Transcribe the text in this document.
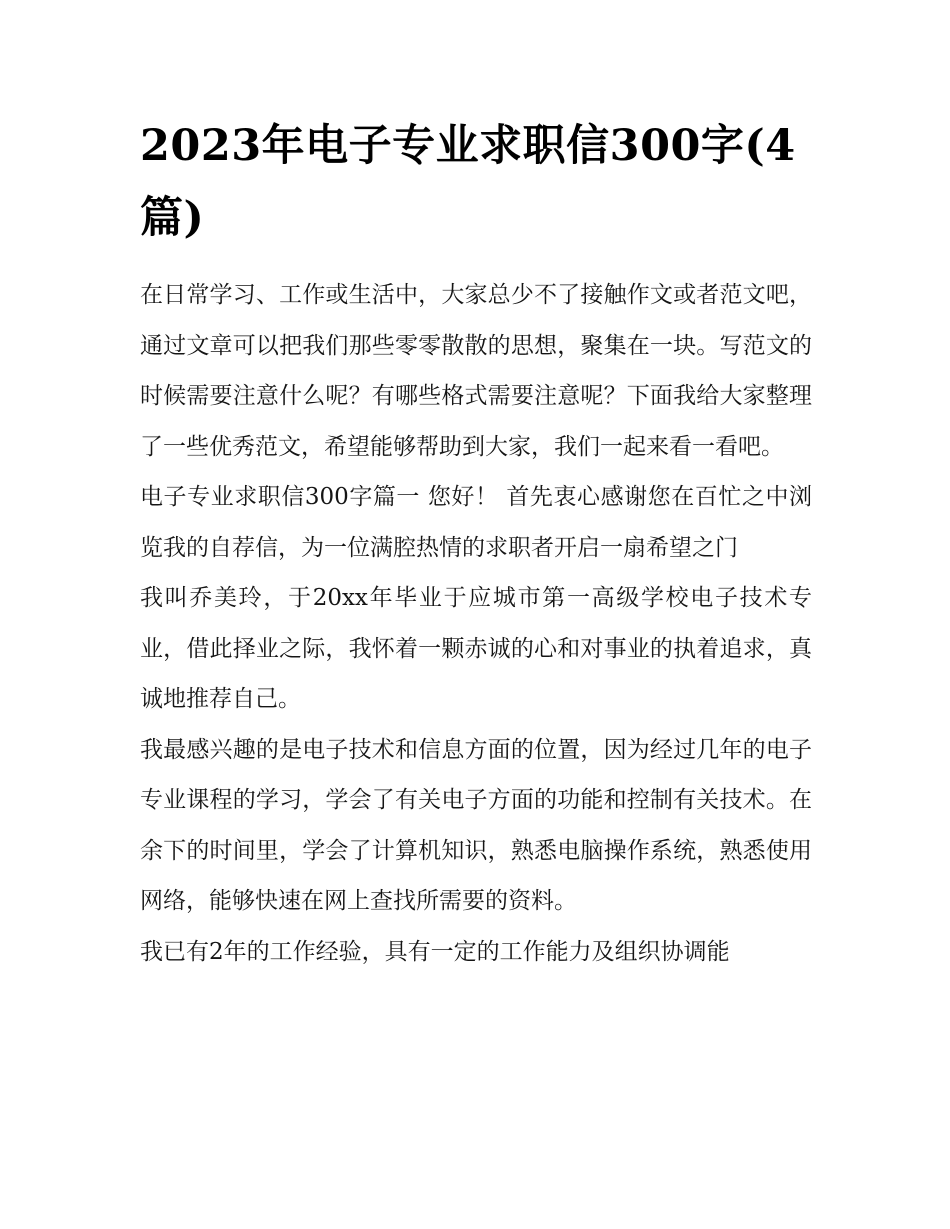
2023年电子专业求职信300字(4篇)

在日常学习、工作或生活中，大家总少不了接触作文或者范文吧，通过文章可以把我们那些零零散散的思想，聚集在一块。写范文的时候需要注意什么呢？有哪些格式需要注意呢？下面我给大家整理了一些优秀范文，希望能够帮助到大家，我们一起来看一看吧。

电子专业求职信300字篇一 您好！ 首先衷心感谢您在百忙之中浏览我的自荐信，为一位满腔热情的求职者开启一扇希望之门

我叫乔美玲，于20xx年毕业于应城市第一高级学校电子技术专业，借此择业之际，我怀着一颗赤诚的心和对事业的执着追求，真诚地推荐自己。

我最感兴趣的是电子技术和信息方面的位置，因为经过几年的电子专业课程的学习，学会了有关电子方面的功能和控制有关技术。在余下的时间里，学会了计算机知识，熟悉电脑操作系统，熟悉使用网络，能够快速在网上查找所需要的资料。

我已有2年的工作经验，具有一定的工作能力及组织协调能
